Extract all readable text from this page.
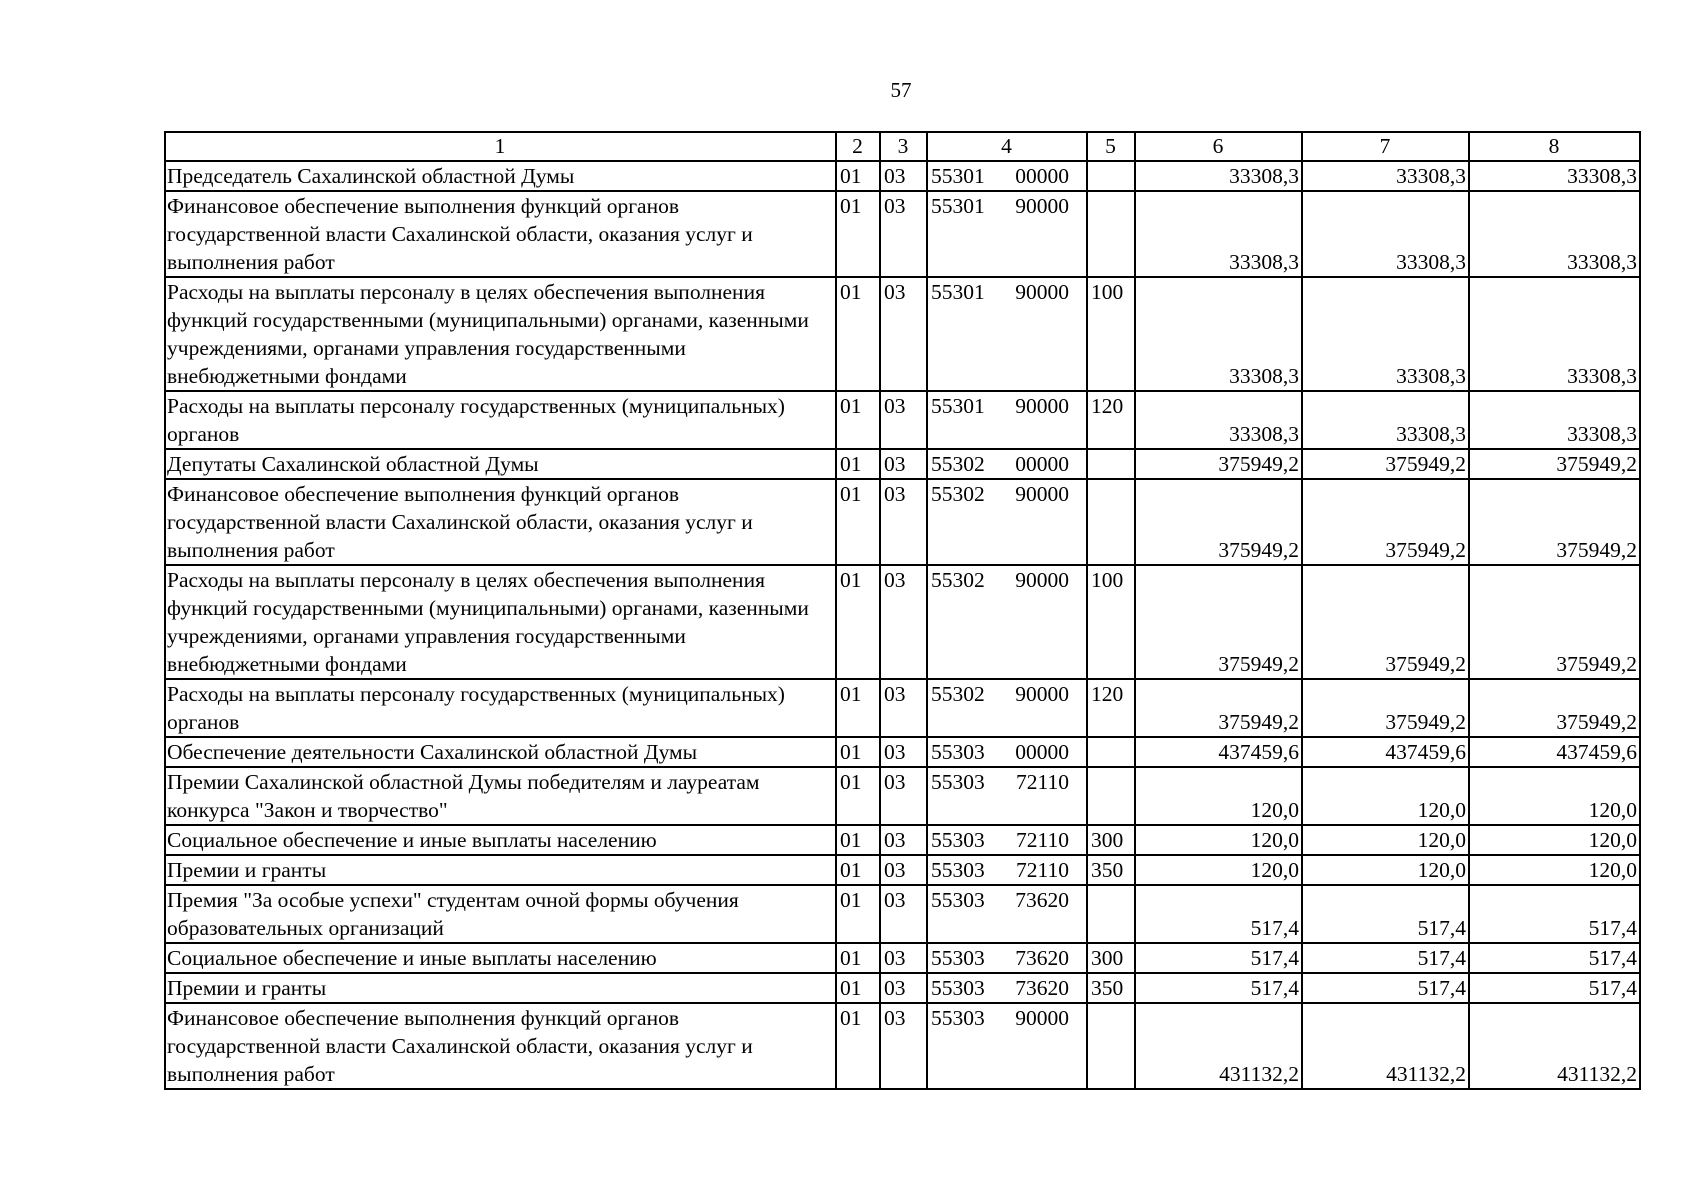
57
1	2	3	4	5	6	7	8
Председатель Сахалинской областной Думы	01	03	55301 00000		33308,3	33308,3	33308,3
Финансовое обеспечение выполнения функций органов государственной власти Сахалинской области, оказания услуг и выполнения работ	01	03	55301 90000		33308,3	33308,3	33308,3
Расходы на выплаты персоналу в целях обеспечения выполнения функций государственными (муниципальными) органами, казенными учреждениями, органами управления государственными внебюджетными фондами	01	03	55301 90000	100	33308,3	33308,3	33308,3
Расходы на выплаты персоналу государственных (муниципальных) органов	01	03	55301 90000	120	33308,3	33308,3	33308,3
Депутаты Сахалинской областной Думы	01	03	55302 00000		375949,2	375949,2	375949,2
Финансовое обеспечение выполнения функций органов государственной власти Сахалинской области, оказания услуг и выполнения работ	01	03	55302 90000		375949,2	375949,2	375949,2
Расходы на выплаты персоналу в целях обеспечения выполнения функций государственными (муниципальными) органами, казенными учреждениями, органами управления государственными внебюджетными фондами	01	03	55302 90000	100	375949,2	375949,2	375949,2
Расходы на выплаты персоналу государственных (муниципальных) органов	01	03	55302 90000	120	375949,2	375949,2	375949,2
Обеспечение деятельности Сахалинской областной Думы	01	03	55303 00000		437459,6	437459,6	437459,6
Премии Сахалинской областной Думы победителям и лауреатам конкурса "Закон и творчество"	01	03	55303 72110		120,0	120,0	120,0
Социальное обеспечение и иные выплаты населению	01	03	55303 72110	300	120,0	120,0	120,0
Премии и гранты	01	03	55303 72110	350	120,0	120,0	120,0
Премия "За особые успехи" студентам очной формы обучения образовательных организаций	01	03	55303 73620		517,4	517,4	517,4
Социальное обеспечение и иные выплаты населению	01	03	55303 73620	300	517,4	517,4	517,4
Премии и гранты	01	03	55303 73620	350	517,4	517,4	517,4
Финансовое обеспечение выполнения функций органов государственной власти Сахалинской области, оказания услуг и выполнения работ	01	03	55303 90000		431132,2	431132,2	431132,2
